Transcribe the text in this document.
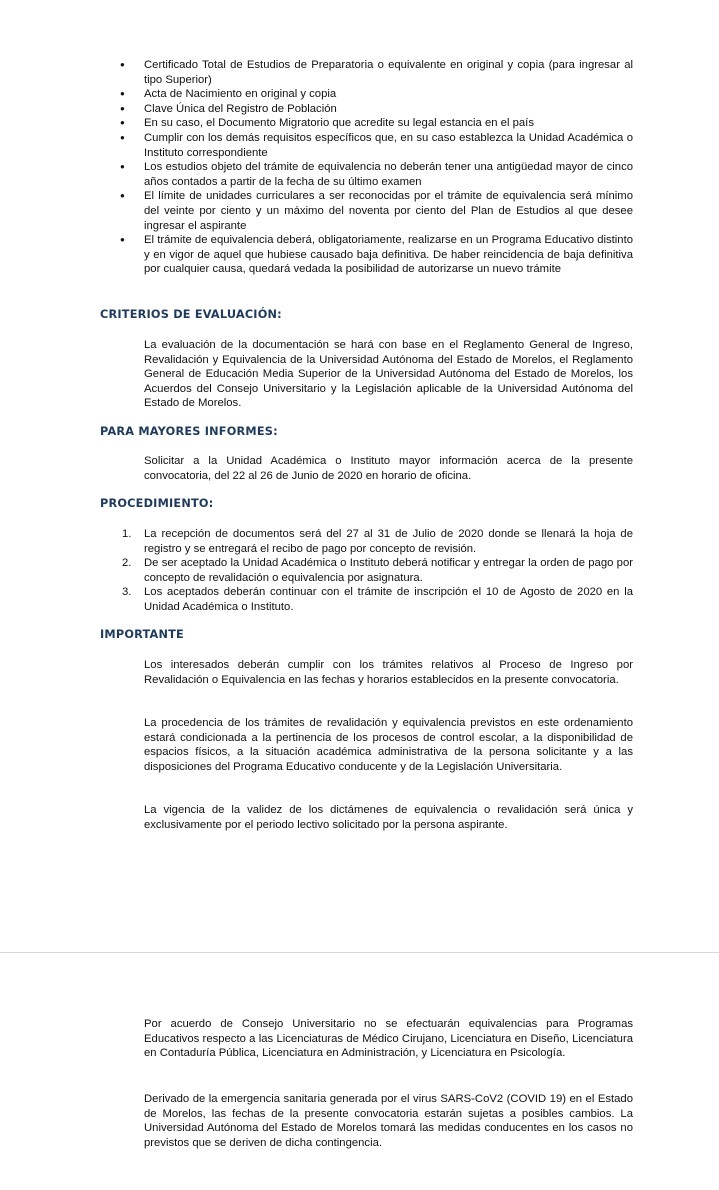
● Certificado Total de Estudios de Preparatoria o equivalente en original y copia (para ingresar al tipo Superior)
● Acta de Nacimiento en original y copia
● Clave Única del Registro de Población
● En su caso, el Documento Migratorio que acredite su legal estancia en el país
● Cumplir con los demás requisitos específicos que, en su caso establezca la Unidad Académica o Instituto correspondiente
● Los estudios objeto del trámite de equivalencia no deberán tener una antigüedad mayor de cinco años contados a partir de la fecha de su último examen
● El límite de unidades curriculares a ser reconocidas por el trámite de equivalencia será mínimo del veinte por ciento y un máximo del noventa por ciento del Plan de Estudios al que desee ingresar el aspirante
● El trámite de equivalencia deberá, obligatoriamente, realizarse en un Programa Educativo distinto y en vigor de aquel que hubiese causado baja definitiva. De haber reincidencia de baja definitiva por cualquier causa, quedará vedada la posibilidad de autorizarse un nuevo trámite
CRITERIOS DE EVALUACIÓN:

La evaluación de la documentación se hará con base en el Reglamento General de Ingreso, Revalidación y Equivalencia de la Universidad Autónoma del Estado de Morelos, el Reglamento General de Educación Media Superior de la Universidad Autónoma del Estado de Morelos, los Acuerdos del Consejo Universitario y la Legislación aplicable de la Universidad Autónoma del Estado de Morelos.

PARA MAYORES INFORMES:

Solicitar a la Unidad Académica o Instituto mayor información acerca de la presente convocatoria, del 22 al 26 de Junio de 2020 en horario de oficina.

PROCEDIMIENTO:
1. La recepción de documentos será del 27 al 31 de Julio de 2020 donde se llenará la hoja de registro y se entregará el recibo de pago por concepto de revisión.
2. De ser aceptado la Unidad Académica o Instituto deberá notificar y entregar la orden de pago por concepto de revalidación o equivalencia por asignatura.
3. Los aceptados deberán continuar con el trámite de inscripción el 10 de Agosto de 2020 en la Unidad Académica o Instituto.
IMPORTANTE

Los interesados deberán cumplir con los trámites relativos al Proceso de Ingreso por Revalidación o Equivalencia en las fechas y horarios establecidos en la presente convocatoria.

La procedencia de los trámites de revalidación y equivalencia previstos en este ordenamiento estará condicionada a la pertinencia de los procesos de control escolar, a la disponibilidad de espacios físicos, a la situación académica administrativa de la persona solicitante y a las disposiciones del Programa Educativo conducente y de la Legislación Universitaria.

La vigencia de la validez de los dictámenes de equivalencia o revalidación será única y exclusivamente por el periodo lectivo solicitado por la persona aspirante.

Por acuerdo de Consejo Universitario no se efectuarán equivalencias para Programas Educativos respecto a las Licenciaturas de Médico Cirujano, Licenciatura en Diseño, Licenciatura en Contaduría Pública, Licenciatura en Administración, y Licenciatura en Psicología.

Derivado de la emergencia sanitaria generada por el virus SARS-CoV2 (COVID 19) en el Estado de Morelos, las fechas de la presente convocatoria estarán sujetas a posibles cambios. La Universidad Autónoma del Estado de Morelos tomará las medidas conducentes en los casos no previstos que se deriven de dicha contingencia.
